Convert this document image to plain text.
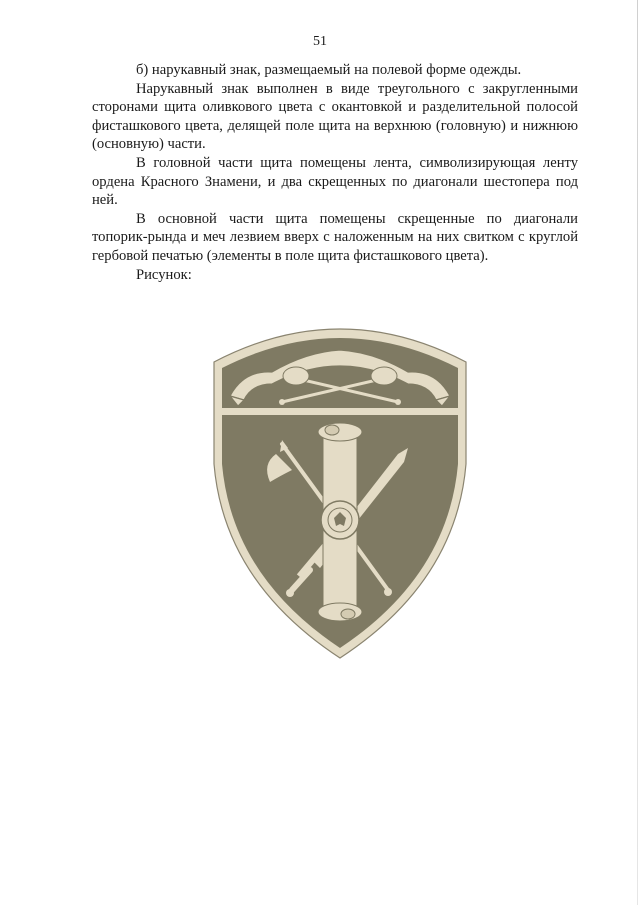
51

б) нарукавный знак, размещаемый на полевой форме одежды.

Нарукавный знак выполнен в виде треугольного с закругленными сторонами щита оливкового цвета с окантовкой и разделительной полосой фисташкового цвета, делящей поле щита на верхнюю (головную) и нижнюю (основную) части.

В головной части щита помещены лента, символизирующая ленту ордена Красного Знамени, и два скрещенных по диагонали шестопера под ней.

В основной части щита помещены скрещенные по диагонали топорик-рында и меч лезвием вверх с наложенным на них свитком с круглой гербовой печатью (элементы в поле щита фисташкового цвета).

Рисунок:
